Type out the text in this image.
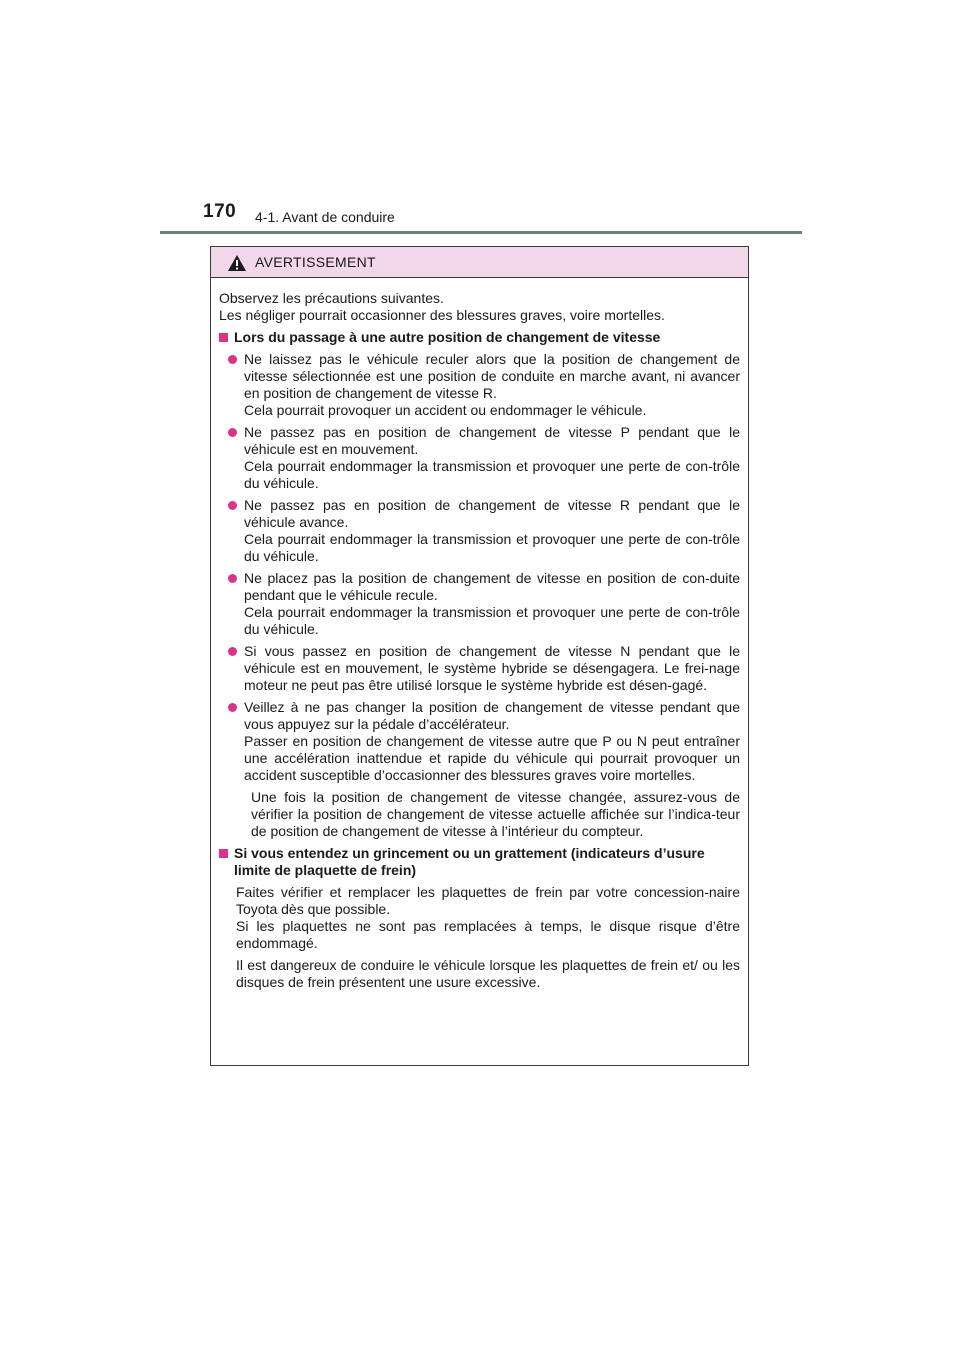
170 4-1. Avant de conduire
AVERTISSEMENT

Observez les précautions suivantes.

Les négliger pourrait occasionner des blessures graves, voire mortelles.

Lors du passage à une autre position de changement de vitesse

Ne laissez pas le véhicule reculer alors que la position de changement de vitesse sélectionnée est une position de conduite en marche avant, ni avancer en position de changement de vitesse R.

Cela pourrait provoquer un accident ou endommager le véhicule.

Ne passez pas en position de changement de vitesse P pendant que le véhicule est en mouvement.

Cela pourrait endommager la transmission et provoquer une perte de con-trôle du véhicule.

Ne passez pas en position de changement de vitesse R pendant que le véhicule avance.

Cela pourrait endommager la transmission et provoquer une perte de con-trôle du véhicule.

Ne placez pas la position de changement de vitesse en position de con-duite pendant que le véhicule recule.

Cela pourrait endommager la transmission et provoquer une perte de con-trôle du véhicule.

Si vous passez en position de changement de vitesse N pendant que le véhicule est en mouvement, le système hybride se désengagera. Le frei-nage moteur ne peut pas être utilisé lorsque le système hybride est désen-gagé.

Veillez à ne pas changer la position de changement de vitesse pendant que vous appuyez sur la pédale d’accélérateur.

Passer en position de changement de vitesse autre que P ou N peut entraîner une accélération inattendue et rapide du véhicule qui pourrait provoquer un accident susceptible d’occasionner des blessures graves voire mortelles.

Une fois la position de changement de vitesse changée, assurez-vous de vérifier la position de changement de vitesse actuelle affichée sur l’indica-teur de position de changement de vitesse à l’intérieur du compteur.

Si vous entendez un grincement ou un grattement (indicateurs d’usure limite de plaquette de frein)

Faites vérifier et remplacer les plaquettes de frein par votre concession-naire Toyota dès que possible.

Si les plaquettes ne sont pas remplacées à temps, le disque risque d’être endommagé.

Il est dangereux de conduire le véhicule lorsque les plaquettes de frein et/ ou les disques de frein présentent une usure excessive.
